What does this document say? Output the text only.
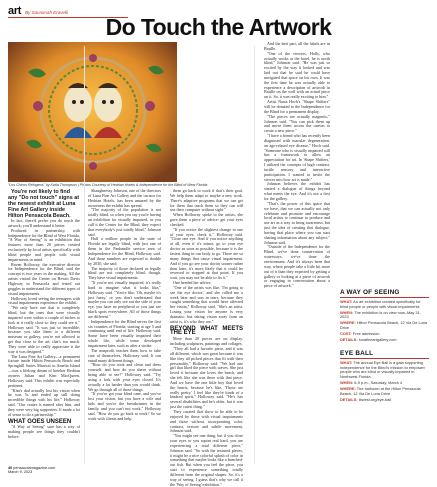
art By Savannah Eravelli
Do Touch the Artwork
"Los Chicos Refugeos" by Katia Thompson | Photos Courtesy of Hedrian Hotels & Independence for the Blind of West Florida

You're not likely to find any "Do not touch" signs at the newest exhibit at Luna Fine Art Gallery inside Hilton Pensacola Beach.

In fact, there'd prefer you do touch the artwork; you'll understand it better.

Produced in partnership with Independence for the Blind of West Florida, "A Way of Seeing" is an exhibition that features more than 20 pieces created exclusively by local artists specifically with blind people and people with visual impairments in mind.

Raven Holloway, the executive director for Independence for the Blind, said the concept is two years in the making. All the artists visited the Center on Hewitt Davis Highway in Pensacola and tested out goggles to understand the different types of visual impairments.

Holloway loved seeing the teenagers with visual impairments experience the exhibit.

"We only have one that is completely blind, but the ones that were visually impaired were within a couple of inches to look at it really close so they could see it," Holloway said. "It was just so incredible, because you take them to a different museum or gallery, you're not allowed to get that close to the art; that's too much. They were able to really appreciate it the way it was designed."

The Luna Fine Art Gallery—a permanent fixture inside Hilton Pensacola Beach and Springhill Suites Marriott in Amelia Island—was a lifelong dream of hotelier Hedrian owners Julian and Kim MacQueen, Holloway said. This exhibit was especially pertinent.

"Kim's dad actually lost his vision when he was 5s and ended up still doing incredible things with his life," Holloway said. "Our center is named after him, and they were very big supporters. It made a lot of sense to do a partnership."

WHAT GOES UNSEEN

"A Way of Seeing" sure has a way of making people see things they couldn't before.

Shaughnessy Johnson, one of the directors of Luna Fine Art Gallery and the curator for Hedrian Hotels, has been amazed by the awareness the exhibit has spread.

"The majority of the population is not totally blind, so when you say you're having an exhibition for visually impaired, or you call it the Center for the Blind, they expect that everybody's just totally blind," Johnson said.

Half a million people in the state of Florida are legally blind, with just one of them in the Panhandle service area of Independence for the Blind, Holloway said. And those numbers are expected to double by 2030, she said.

The majority of those declared as legally blind are not completely blind, though. They have visual impairments.

"If you're not visually impaired, it's really hard to imagine what it looks like," Holloway said. "You're like, 'Oh, maybe it's just fuzzy,' or you don't understand that maybe you can only see out the side of your eye, you have no peripheral or you just see black spots everywhere. All of those things are different."

Independence for the Blind serves the first six counties of Florida, starting at age 5 and continuing until end of life, Holloway said. Some have been visually impaired their whole life, while some developed impairment later, such as after a stroke.

The nonprofit teaches them how to take care of themselves, Holloway said. It can entail many different things.

"How do you cook and clean and dress yourself, and how do you shave without being able to see?" Holloway said. "Try using a fork with your eyes closed. It's actually a lot harder than you would think. We go through all of those things.

"If you've got your blind cane, and you've lost your vision, but you have a wife and kids and you're the breadwinner in the family, and you can't not work," Holloway said. "How do you go back to work? So we work with clients and help

them go back to work if that's their goal. We help them adapt to maybe a new work. There's adaptive programs that we can get for them that teach them so they can still use their computer without sight."

When Holloway spoke to the artists, she gave them a piece of advice: get your eyes checked.

"If you notice the slightest change in one of your eyes, check it," Holloway said. "Close one eye. And if you notice anything at all, even if it's minor, go to your eye doctor as soon as possible, because it is the fastest thing in our body to go. There are so many things that cause visual impairment. And if you go see your doctor sooner rather than later, it's more likely that it could be reversed or stopped at that point. If you wait, you may not be able to fix it."

One heeded her advice.

"One of the artists was like, 'I'm going to see the eye doctor,' and she called me a week later and was in tears, because they caught something that would have affected her vision," Holloway said. "She's an artist. Losing your vision for anyone is very dramatic, but taking vision away from an artist is, it's who they are."

BEYOND WHAT MEETS THE EYE

More than 20 pieces are on display, including sculptures, paintings and collages.

"They all had a favorite piece, and it was all different, which was great because it was like they all picked pieces that fit with their personality," Holloway said. "We had one girl that liked the piece with waves. She just loved it because she loves the beach, and she felt like she was there with that piece. And we have the one little boy that loved the hearts, because he's like, 'Those are really pretty.' I feel like they're kinds of a kindred spirit," Holloway said. "He's has several disabilities and he's older, but it was just the cutest thing."

They curated that show to be able to be enjoyed by those with visual impairments and those without, incorporating color, contrast, texture and subtle movement, Johnson said.

"You might see one thing, but if you close your eyes or you squint real hard, you are experiencing a total different piece," Johnson said. "So with the textured pieces, it might be a nice colorful splash of color in something that maybe looks like a bunched-out fish. But when you feel the piece, you start to experience something totally different from the original shapes. So, it's a way of seeing. I guess that's why we call it the 'Way of Seeing' exhibition."

And the best part, all the labels are in Braille.

"One of the viewers, Holly, who actually works at the hotel, he is north blind," Johnson said. "He was just so excited by the way it looked and was laid out that he said he could have navigated that space on his own. It was the first time he was actually able to experience a description of artwork in Braille on the wall with an actual piece on it. So, it was really exciting to him."

Artist Nasta Hoch's "Shape Shifters" will be donated to the Independence for the Blind for a permanent display.

"The pieces are actually magnetic," Johnson said. "You can pick them up and move them across the canvas to create a new piece."

"I have a friend who has recently been diagnosed with macular degeneration, an age-related eye disease," Hoch said. "Someone who is visually impaired still has a framework to allow an appreciation for art. In 'Shape Shifters,' I utilized the concepts of high contrast, tactile sensory and interactive participation. I wanted to invite the viewer into how art is made."

Johnson believes the exhibit has started a dialogue of things beyond what meets the eye. And it's not a first for the gallery.

"That's the power of this space that we have, that we can actually not only celebrate and promote and encourage local artists to continue to produce and use art as a way to bring awareness, but just the idea of creating that dialogue, having that place where you can start sharing information about any subject," Johnson said.

"Outside of the Independence for the Blind, we've done conservation of waterways, we've done the environment. And it's always been that way, where people take a little bit more out of it than they expected by getting a gallery or looking at a piece of artwork or engaging in conversation about a piece of artwork."

A WAY OF SEEING
WHAT: An art exhibition created specifically for blind people or people with visual impairments
WHEN: The exhibition is on view now–May 31, 2023
WHERE: Hilton Pensacola Beach, 12 Via De Luna Drive
COST: Free admission
DETAILS: lunafineartgallery.com
EYE BALL
WHAT: The annual Eye Ball is a gala supporting Independence for the Blind's mission to empower people who are blind or visually impaired in Northwest Florida
WHEN: 6-9 p.m., Saturday, March 4
WHERE: The ballroom at the Hilton Pensacola Beach, 12 Via De Luna Drive
DETAILS: ibwest.org/eye-ball
40 pensacolamagazine.com
March 9, 2023
